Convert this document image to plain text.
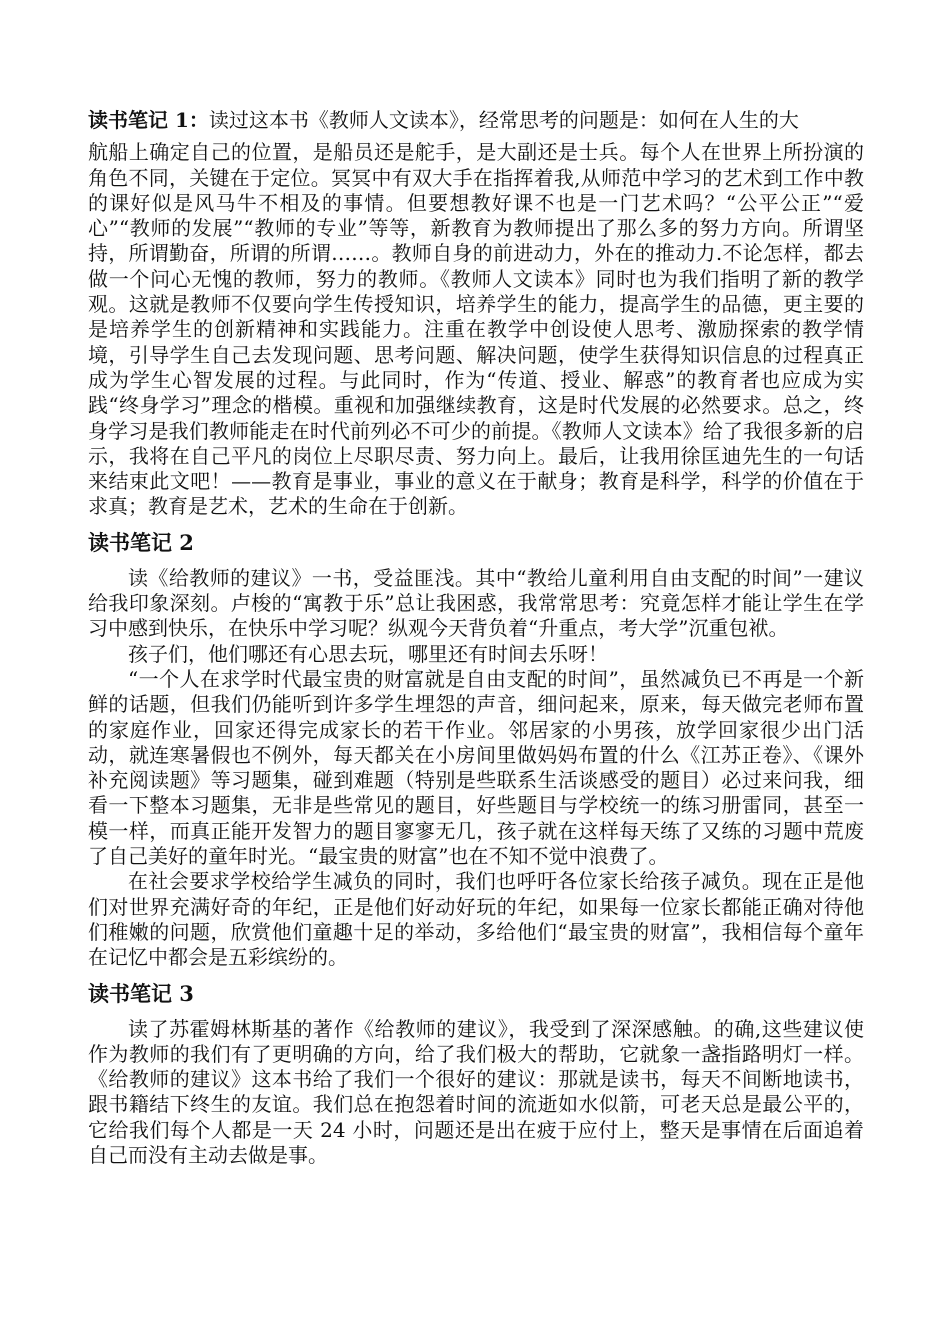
读书笔记 1：读过这本书《教师人文读本》，经常思考的问题是：如何在人生的大
航船上确定自己的位置，是船员还是舵手，是大副还是士兵。每个人在世界上所扮演的角色不同，关键在于定位。冥冥中有双大手在指挥着我,从师范中学习的艺术到工作中教的课好似是风马牛不相及的事情。但要想教好课不也是一门艺术吗？“公平公正”“爱心”“教师的发展”“教师的专业”等等，新教育为教师提出了那么多的努力方向。所谓坚持，所谓勤奋，所谓的所谓……。教师自身的前进动力，外在的推动力.不论怎样，都去做一个问心无愧的教师，努力的教师。《教师人文读本》同时也为我们指明了新的教学观。这就是教师不仅要向学生传授知识，培养学生的能力，提高学生的品德，更主要的是培养学生的创新精神和实践能力。注重在教学中创设使人思考、激励探索的教学情境，引导学生自己去发现问题、思考问题、解决问题，使学生获得知识信息的过程真正成为学生心智发展的过程。与此同时，作为“传道、授业、解惑”的教育者也应成为实践“终身学习”理念的楷模。重视和加强继续教育，这是时代发展的必然要求。总之，终身学习是我们教师能走在时代前列必不可少的前提。《教师人文读本》给了我很多新的启示，我将在自己平凡的岗位上尽职尽责、努力向上。最后，让我用徐匡迪先生的一句话来结束此文吧！——教育是事业，事业的意义在于献身；教育是科学，科学的价值在于求真；教育是艺术，艺术的生命在于创新。

读书笔记 2

读《给教师的建议》一书，受益匪浅。其中“教给儿童利用自由支配的时间”一建议给我印象深刻。卢梭的“寓教于乐”总让我困惑，我常常思考：究竟怎样才能让学生在学习中感到快乐，在快乐中学习呢？纵观今天背负着“升重点，考大学”沉重包袱。

孩子们，他们哪还有心思去玩，哪里还有时间去乐呀！

“一个人在求学时代最宝贵的财富就是自由支配的时间”，虽然减负已不再是一个新鲜的话题，但我们仍能听到许多学生埋怨的声音，细问起来，原来，每天做完老师布置的家庭作业，回家还得完成家长的若干作业。邻居家的小男孩，放学回家很少出门活动，就连寒暑假也不例外，每天都关在小房间里做妈妈布置的什么《江苏正卷》、《课外补充阅读题》等习题集，碰到难题（特别是些联系生活谈感受的题目）必过来问我，细看一下整本习题集，无非是些常见的题目，好些题目与学校统一的练习册雷同，甚至一模一样，而真正能开发智力的题目寥寥无几，孩子就在这样每天练了又练的习题中荒废了自己美好的童年时光。“最宝贵的财富”也在不知不觉中浪费了。

在社会要求学校给学生减负的同时，我们也呼吁各位家长给孩子减负。现在正是他们对世界充满好奇的年纪，正是他们好动好玩的年纪，如果每一位家长都能正确对待他们稚嫩的问题，欣赏他们童趣十足的举动，多给他们“最宝贵的财富”，我相信每个童年在记忆中都会是五彩缤纷的。

读书笔记 3

读了苏霍姆林斯基的著作《给教师的建议》，我受到了深深感触。的确,这些建议使作为教师的我们有了更明确的方向，给了我们极大的帮助，它就象一盏指路明灯一样。《给教师的建议》这本书给了我们一个很好的建议：那就是读书，每天不间断地读书，跟书籍结下终生的友谊。我们总在抱怨着时间的流逝如水似箭，可老天总是最公平的，它给我们每个人都是一天 24 小时，问题还是出在疲于应付上，整天是事情在后面追着自己而没有主动去做是事。
